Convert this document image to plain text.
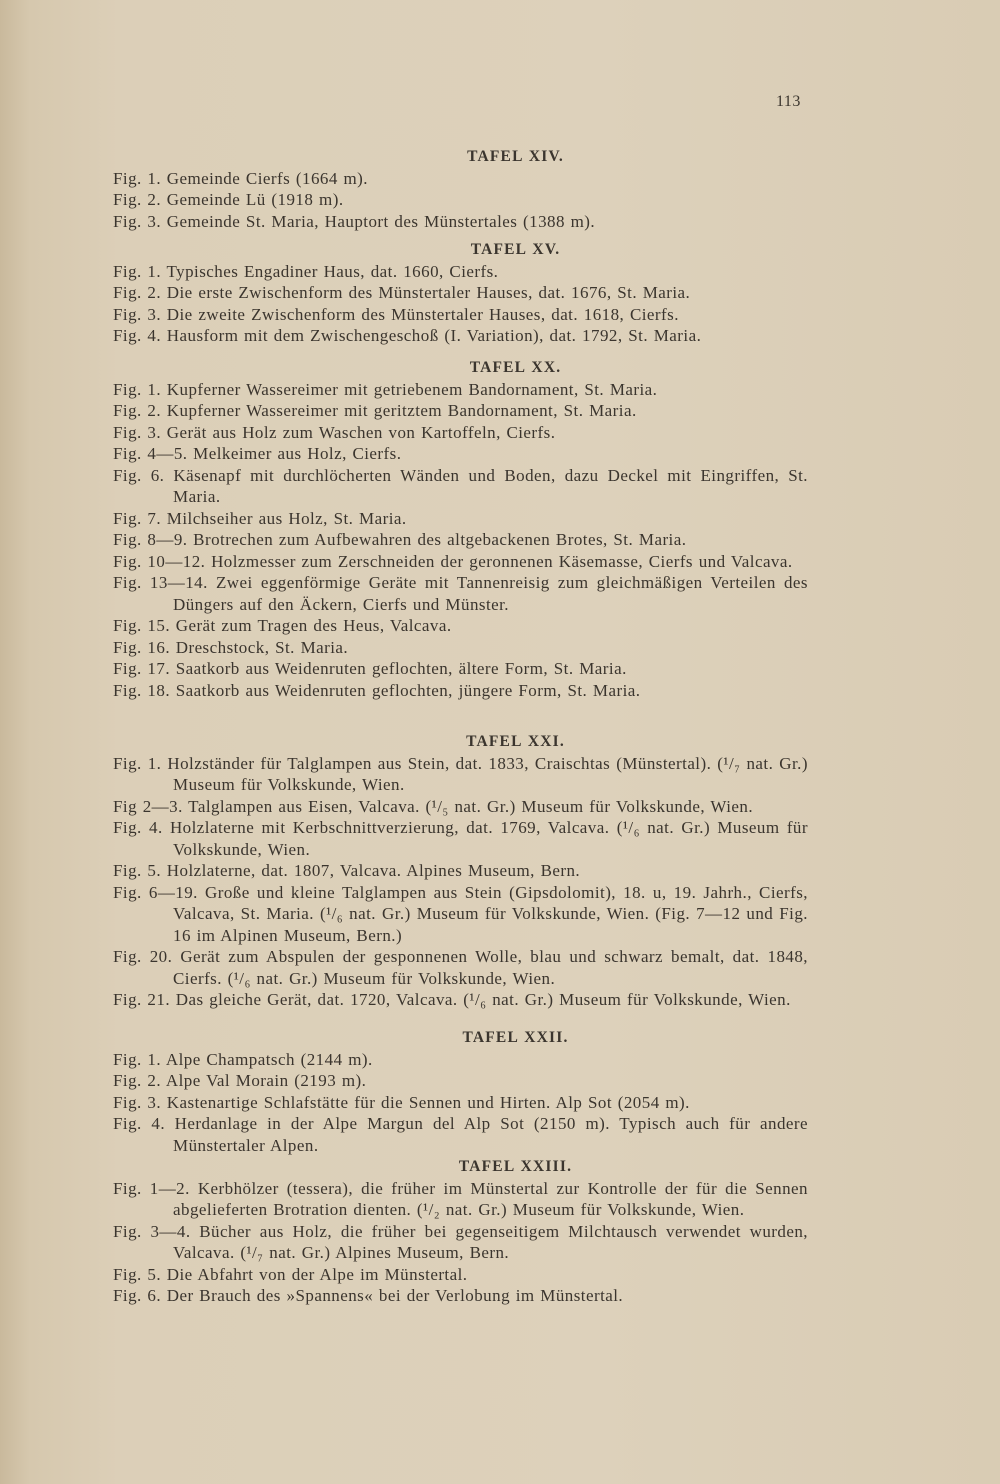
113
TAFEL XIV.
Fig. 1. Gemeinde Cierfs (1664 m).
Fig. 2. Gemeinde Lü (1918 m).
Fig. 3. Gemeinde St. Maria, Hauptort des Münstertales (1388 m).
TAFEL XV.
Fig. 1. Typisches Engadiner Haus, dat. 1660, Cierfs.
Fig. 2. Die erste Zwischenform des Münstertaler Hauses, dat. 1676, St. Maria.
Fig. 3. Die zweite Zwischenform des Münstertaler Hauses, dat. 1618, Cierfs.
Fig. 4. Hausform mit dem Zwischengeschoß (I. Variation), dat. 1792, St. Maria.
TAFEL XX.
Fig. 1. Kupferner Wassereimer mit getriebenem Bandornament, St. Maria.
Fig. 2. Kupferner Wassereimer mit geritztem Bandornament, St. Maria.
Fig. 3. Gerät aus Holz zum Waschen von Kartoffeln, Cierfs.
Fig. 4—5. Melkeimer aus Holz, Cierfs.
Fig. 6. Käsenapf mit durchlöcherten Wänden und Boden, dazu Deckel mit Eingriffen, St. Maria.
Fig. 7. Milchseiher aus Holz, St. Maria.
Fig. 8—9. Brotrechen zum Aufbewahren des altgebackenen Brotes, St. Maria.
Fig. 10—12. Holzmesser zum Zerschneiden der geronnenen Käsemasse, Cierfs und Valcava.
Fig. 13—14. Zwei eggenförmige Geräte mit Tannenreisig zum gleichmäßigen Verteilen des Düngers auf den Äckern, Cierfs und Münster.
Fig. 15. Gerät zum Tragen des Heus, Valcava.
Fig. 16. Dreschstock, St. Maria.
Fig. 17. Saatkorb aus Weidenruten geflochten, ältere Form, St. Maria.
Fig. 18. Saatkorb aus Weidenruten geflochten, jüngere Form, St. Maria.
TAFEL XXI.
Fig. 1. Holzständer für Talglampen aus Stein, dat. 1833, Craischtas (Münstertal). (¹/₇ nat. Gr.) Museum für Volkskunde, Wien.
Fig 2—3. Talglampen aus Eisen, Valcava. (¹/₅ nat. Gr.) Museum für Volkskunde, Wien.
Fig. 4. Holzlaterne mit Kerbschnittverzierung, dat. 1769, Valcava. (¹/₆ nat. Gr.) Museum für Volkskunde, Wien.
Fig. 5. Holzlaterne, dat. 1807, Valcava. Alpines Museum, Bern.
Fig. 6—19. Große und kleine Talglampen aus Stein (Gipsdolomit), 18. u, 19. Jahrh., Cierfs, Valcava, St. Maria. (¹/₆ nat. Gr.) Museum für Volkskunde, Wien. (Fig. 7—12 und Fig. 16 im Alpinen Museum, Bern.)
Fig. 20. Gerät zum Abspulen der gesponnenen Wolle, blau und schwarz bemalt, dat. 1848, Cierfs. (¹/₆ nat. Gr.) Museum für Volkskunde, Wien.
Fig. 21. Das gleiche Gerät, dat. 1720, Valcava. (¹/₆ nat. Gr.) Museum für Volkskunde, Wien.
TAFEL XXII.
Fig. 1. Alpe Champatsch (2144 m).
Fig. 2. Alpe Val Morain (2193 m).
Fig. 3. Kastenartige Schlafstätte für die Sennen und Hirten. Alp Sot (2054 m).
Fig. 4. Herdanlage in der Alpe Margun del Alp Sot (2150 m). Typisch auch für andere Münstertaler Alpen.
TAFEL XXIII.
Fig. 1—2. Kerbhölzer (tessera), die früher im Münstertal zur Kontrolle der für die Sennen abgelieferten Brotration dienten. (¹/₂ nat. Gr.) Museum für Volkskunde, Wien.
Fig. 3—4. Bücher aus Holz, die früher bei gegenseitigem Milchtausch verwendet wurden, Valcava. (¹/₇ nat. Gr.) Alpines Museum, Bern.
Fig. 5. Die Abfahrt von der Alpe im Münstertal.
Fig. 6. Der Brauch des »Spannens« bei der Verlobung im Münstertal.
